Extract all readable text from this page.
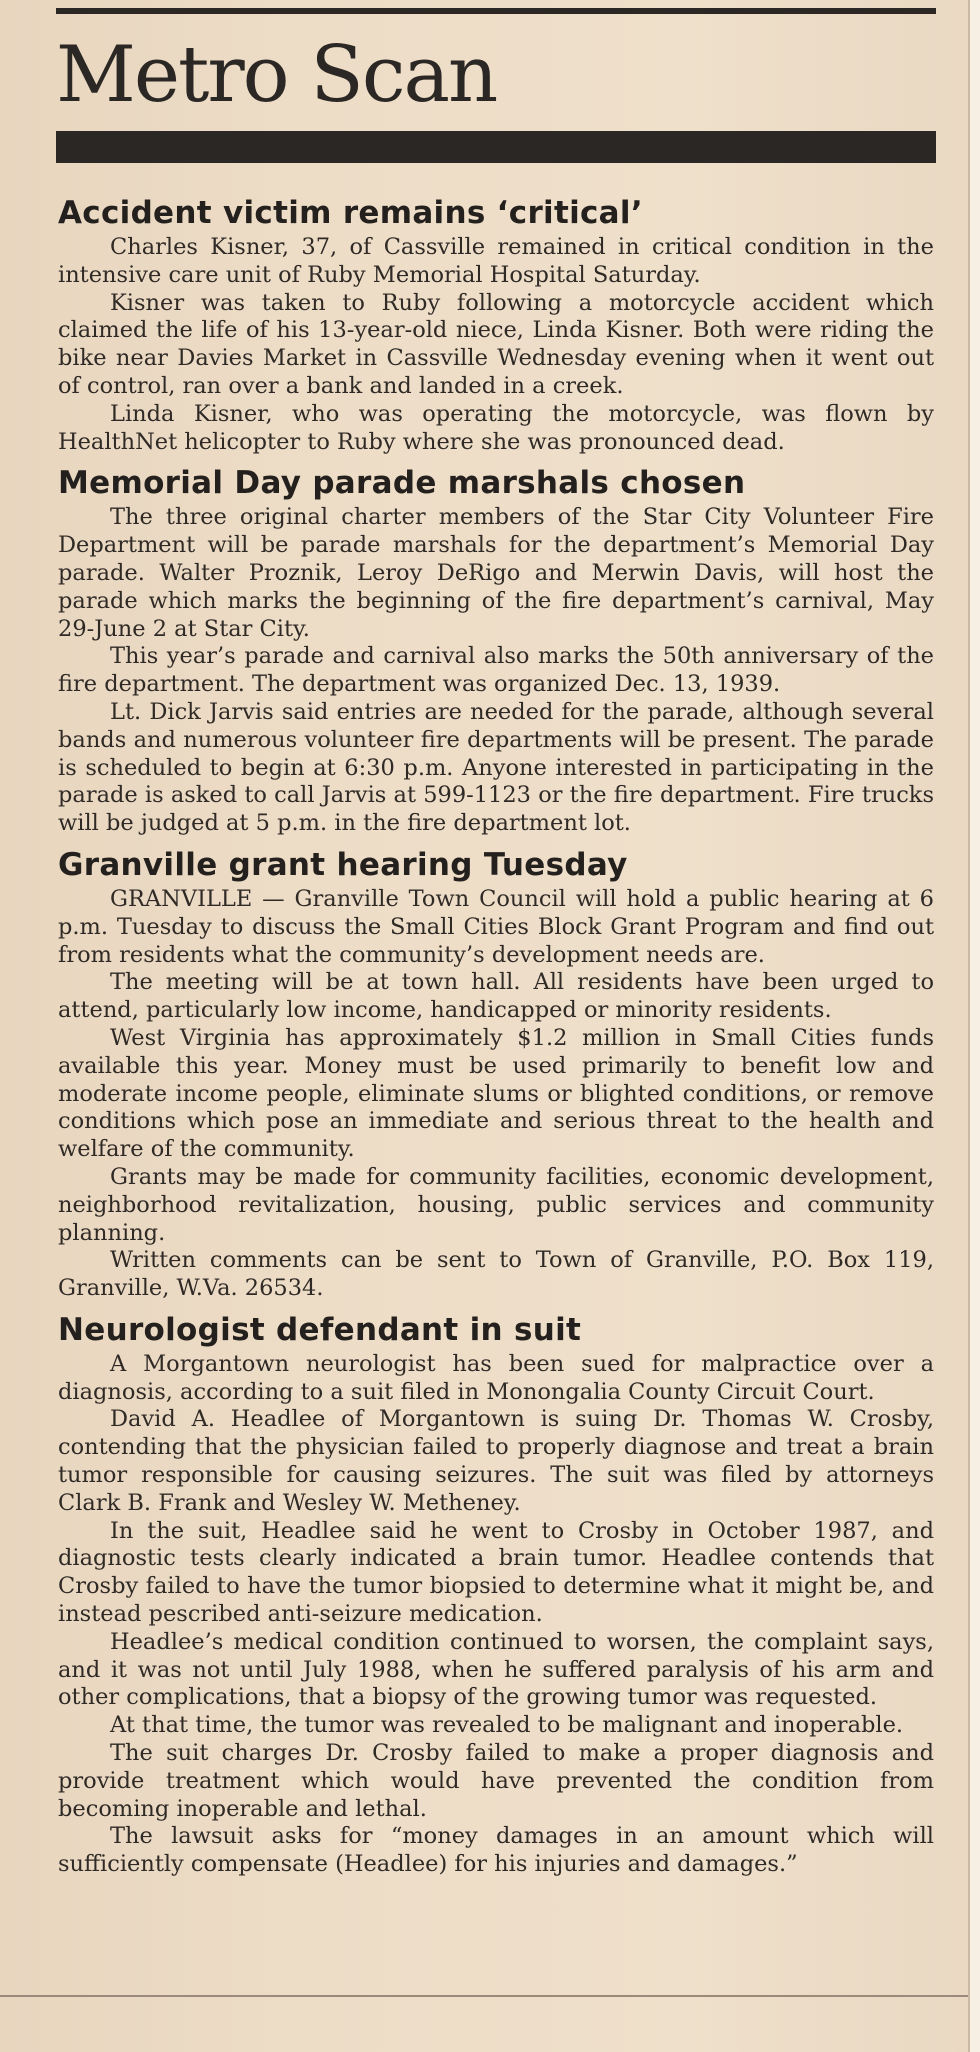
Metro Scan
Accident victim remains ‘critical’

Charles Kisner, 37, of Cassville remained in critical condition in the intensive care unit of Ruby Memorial Hospital Saturday.

Kisner was taken to Ruby following a motorcycle accident which claimed the life of his 13-year-old niece, Linda Kisner. Both were riding the bike near Davies Market in Cassville Wednesday evening when it went out of control, ran over a bank and landed in a creek.

Linda Kisner, who was operating the motorcycle, was flown by HealthNet helicopter to Ruby where she was pronounced dead.

Memorial Day parade marshals chosen

The three original charter members of the Star City Volunteer Fire Department will be parade marshals for the department’s Memorial Day parade. Walter Proznik, Leroy DeRigo and Merwin Davis, will host the parade which marks the beginning of the fire department’s carnival, May 29-June 2 at Star City.

This year’s parade and carnival also marks the 50th anniversary of the fire department. The department was organized Dec. 13, 1939.

Lt. Dick Jarvis said entries are needed for the parade, although several bands and numerous volunteer fire departments will be present. The parade is scheduled to begin at 6:30 p.m. Anyone interested in participating in the parade is asked to call Jarvis at 599-1123 or the fire department. Fire trucks will be judged at 5 p.m. in the fire department lot.

Granville grant hearing Tuesday

GRANVILLE — Granville Town Council will hold a public hearing at 6 p.m. Tuesday to discuss the Small Cities Block Grant Program and find out from residents what the community’s development needs are.

The meeting will be at town hall. All residents have been urged to attend, particularly low income, handicapped or minority residents.

West Virginia has approximately $1.2 million in Small Cities funds available this year. Money must be used primarily to benefit low and moderate income people, eliminate slums or blighted conditions, or remove conditions which pose an immediate and serious threat to the health and welfare of the community.

Grants may be made for community facilities, economic development, neighborhood revitalization, housing, public services and community planning.

Written comments can be sent to Town of Granville, P.O. Box 119, Granville, W.Va. 26534.

Neurologist defendant in suit

A Morgantown neurologist has been sued for malpractice over a diagnosis, according to a suit filed in Monongalia County Circuit Court.

David A. Headlee of Morgantown is suing Dr. Thomas W. Crosby, contending that the physician failed to properly diagnose and treat a brain tumor responsible for causing seizures. The suit was filed by attorneys Clark B. Frank and Wesley W. Metheney.

In the suit, Headlee said he went to Crosby in October 1987, and diagnostic tests clearly indicated a brain tumor. Headlee contends that Crosby failed to have the tumor biopsied to determine what it might be, and instead pescribed anti-seizure medication.

Headlee’s medical condition continued to worsen, the complaint says, and it was not until July 1988, when he suffered paralysis of his arm and other complications, that a biopsy of the growing tumor was requested.

At that time, the tumor was revealed to be malignant and inoperable.

The suit charges Dr. Crosby failed to make a proper diagnosis and provide treatment which would have prevented the condition from becoming inoperable and lethal.

The lawsuit asks for “money damages in an amount which will sufficiently compensate (Headlee) for his injuries and damages.”
